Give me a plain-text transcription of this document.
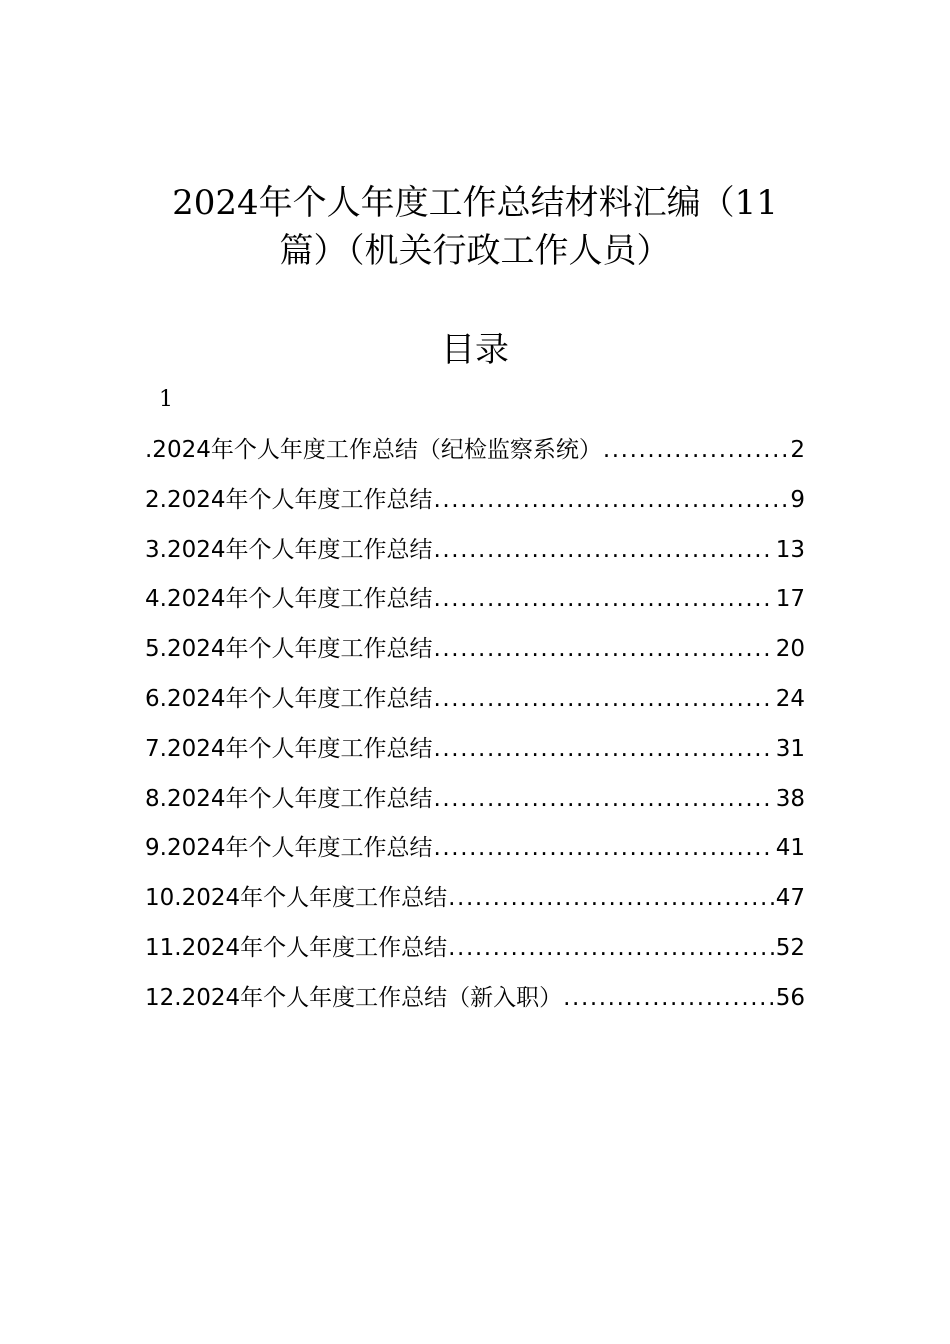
2024年个人年度工作总结材料汇编（11
篇）（机关行政工作人员）
目录
1
.2024年个人年度工作总结（纪检监察系统） .....	2
2.2024年个人年度工作总结 .....	9
3.2024年个人年度工作总结 .....	13
4.2024年个人年度工作总结 .....	17
5.2024年个人年度工作总结 .....	20
6.2024年个人年度工作总结 .....	24
7.2024年个人年度工作总结 .....	31
8.2024年个人年度工作总结 .....	38
9.2024年个人年度工作总结 .....	41
10.2024年个人年度工作总结 .....	47
11.2024年个人年度工作总结 .....	52
12.2024年个人年度工作总结（新入职） .....	56
